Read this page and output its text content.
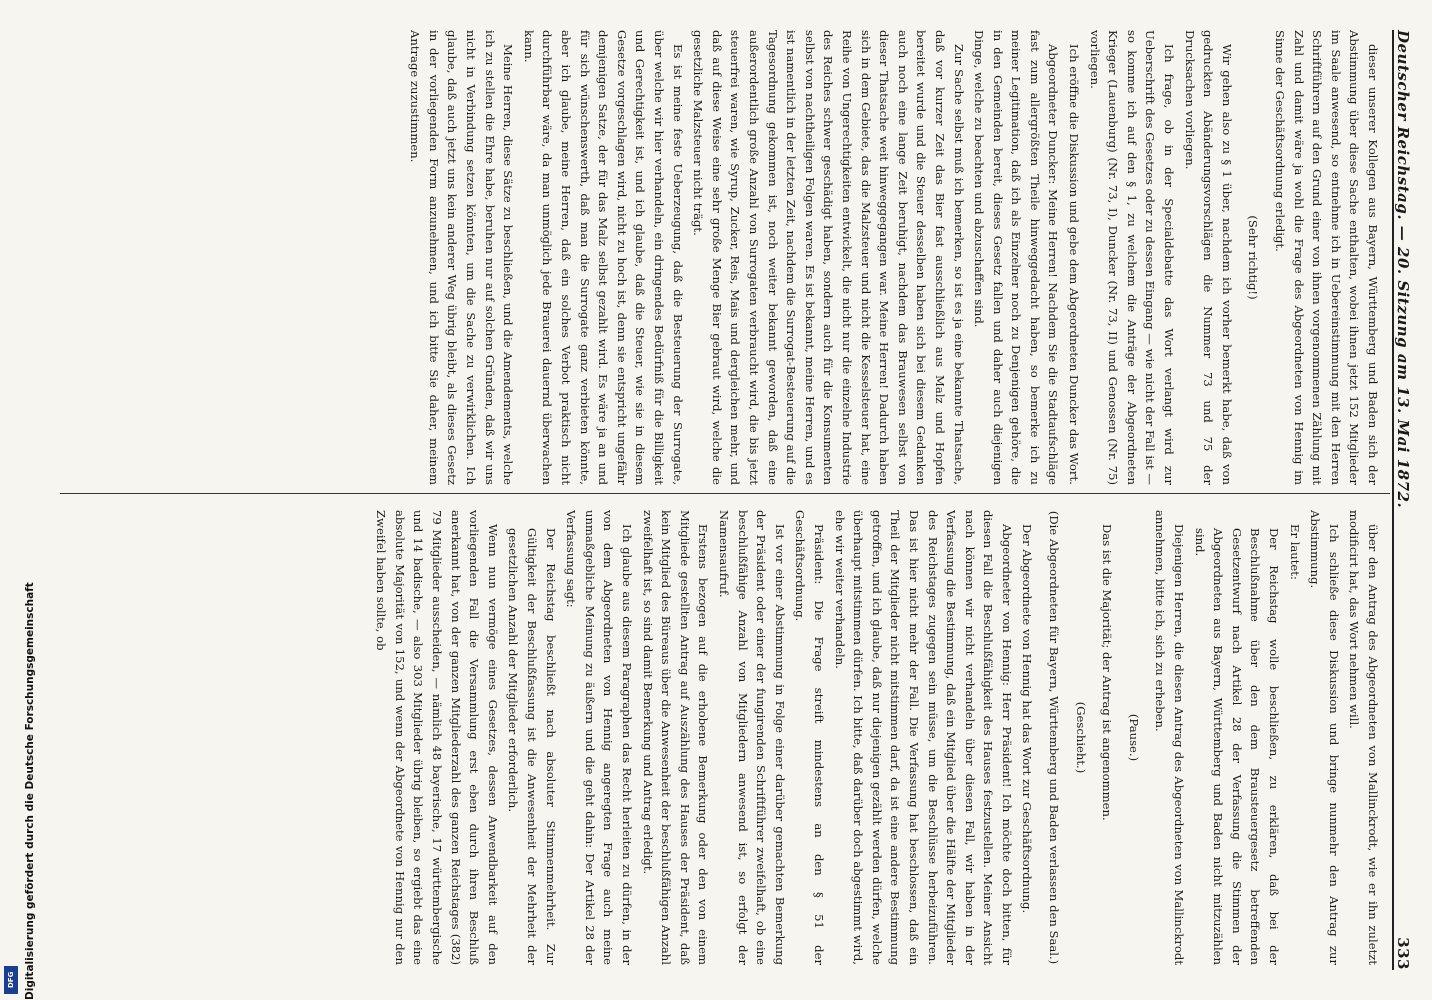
Deutscher Reichstag. — 20. Sitzung am 13. Mai 1872.
333

dieser unserer Kollegen aus Bayern, Württemberg und Baden sich der Abstimmung über diese Sache enthalten, wobei ihnen jetzt 152 Mitglieder im Saale anwesend, so entnehme ich in Uebereinstimmung mit den Herren Schriftführern auf den Grund einer von ihnen vorgenommenen Zählung mit Zahl und damit wäre ja wohl die Frage des Abgeordneten von Hennig im Sinne der Geschäftsordnung erledigt.

(Sehr richtig!)

Wir gehen also zu § 1 über, nachdem ich vorher bemerkt habe, daß von gedruckten Abänderungsvorschlägen die Nummer 73 und 75 der Drucksachen vorliegen.

Ich frage, ob in der Specialdebatte das Wort verlangt wird zur Ueberschrift des Gesetzes oder zu dessen Eingang — wie nicht der Fall ist — so komme ich auf den § 1, zu welchem die Anträge der Abgeordneten Krieger (Lauenburg) (Nr. 73, I), Duncker (Nr. 73, II) und Genossen (Nr. 75) vorliegen.

Ich eröffne die Diskussion und gebe dem Abgeordneten Duncker das Wort.

Abgeordneter Duncker: Meine Herren! Nachdem Sie die Stadtaufschläge fast zum allergrößten Theile hinweggedacht haben, so bemerke ich zu meiner Legitimation, daß ich als Einzelner noch zu Denjenigen gehöre, die in den Gemeinden bereit, dieses Gesetz fallen und daher auch diejenigen Dinge, welche zu beachten und abzuschaffen sind.

Zur Sache selbst muß ich bemerken, so ist es ja eine bekannte Thatsache, daß vor kurzer Zeit das Bier fast ausschließlich aus Malz und Hopfen bereitet wurde und die Steuer desselben haben sich bei diesem Gedanken auch noch eine lange Zeit beruhigt, nachdem das Brauwesen selbst von dieser Thatsache weit hinweggegangen war. Meine Herren! Dadurch haben sich in dem Gebiete, das die Malzsteuer und nicht die Kesselsteuer hat, eine Reihe von Ungerechtigkeiten entwickelt, die nicht nur die einzelne Industrie des Reiches schwer geschädigt haben, sondern auch für die Konsumenten selbst von nachtheiligen Folgen waren. Es ist bekannt, meine Herren, und es ist namentlich in der letzten Zeit, nachdem die Surrogat-Besteuerung auf die Tagesordnung gekommen ist, noch weiter bekannt geworden, daß eine außerordentlich große Anzahl von Surrogaten verbraucht wird, die bis jetzt steuerfrei waren, wie Syrup, Zucker, Reis, Mais und dergleichen mehr, und daß auf diese Weise eine sehr große Menge Bier gebraut wird, welche die gesetzliche Malzsteuer nicht trägt.

Es ist meine feste Ueberzeugung, daß die Besteuerung der Surrogate, über welche wir hier verhandeln, ein dringendes Bedürfniß für die Billigkeit und Gerechtigkeit ist, und ich glaube, daß die Steuer, wie sie in diesem Gesetze vorgeschlagen wird, nicht zu hoch ist, denn sie entspricht ungefähr demjenigen Satze, der für das Malz selbst gezahlt wird. Es wäre ja an und für sich wünschenswerth, daß man die Surrogate ganz verbieten könnte, aber ich glaube, meine Herren, daß ein solches Verbot praktisch nicht durchführbar wäre, da man unmöglich jede Brauerei dauernd überwachen kann.

Meine Herren, diese Sätze zu beschließen, und die Amendements, welche ich zu stellen die Ehre habe, beruhen nur auf solchen Gründen, daß wir uns nicht in Verbindung setzen könnten, um die Sache zu verwirklichen. Ich glaube, daß auch jetzt uns kein anderer Weg übrig bleibt, als dieses Gesetz in der vorliegenden Form anzunehmen, und ich bitte Sie daher, meinem Antrage zuzustimmen.

über den Antrag des Abgeordneten von Mallinckrodt, wie er ihn zuletzt modificirt hat, das Wort nehmen will.

Ich schließe diese Diskussion und bringe nunmehr den Antrag zur Abstimmung.

Er lautet:

Der Reichstag wolle beschließen, zu erklären, daß bei der Beschlußnahme über den dem Brausteuergesetz betreffenden Gesetzentwurf nach Artikel 28 der Verfassung die Stimmen der Abgeordneten aus Bayern, Württemberg und Baden nicht mitzuzählen sind.

Diejenigen Herren, die diesen Antrag des Abgeordneten von Mallinckrodt annehmen, bitte ich, sich zu erheben.

(Pause.)

Das ist die Majorität; der Antrag ist angenommen.

(Geschieht.)

(Die Abgeordneten für Bayern, Württemberg und Baden verlassen den Saal.)

Der Abgeordnete von Hennig hat das Wort zur Geschäftsordnung.

Abgeordneter von Hennig: Herr Präsident! Ich möchte doch bitten, für diesen Fall die Beschlußfähigkeit des Hauses festzustellen. Meiner Ansicht nach können wir nicht verhandeln über diesen Fall, wir haben in der Verfassung die Bestimmung, daß ein Mitglied über die Hälfte der Mitglieder des Reichstages zugegen sein müsse, um die Beschlüsse herbeizuführen. Das ist hier nicht mehr der Fall. Die Verfassung hat beschlossen, daß ein Theil der Mitglieder nicht mitstimmen darf, da ist eine andere Bestimmung getroffen, und ich glaube, daß nur diejenigen gezählt werden dürfen, welche überhaupt mitstimmen dürfen. Ich bitte, daß darüber doch abgestimmt wird, ehe wir weiter verhandeln.

Präsident: Die Frage streift mindestens an den § 51 der Geschäftsordnung.

Ist vor einer Abstimmung in Folge einer darüber gemachten Bemerkung der Präsident oder einer der fungirenden Schriftführer zweifelhaft, ob eine beschlußfähige Anzahl von Mitgliedern anwesend ist, so erfolgt der Namensaufruf.

Erstens bezogen auf die erhobene Bemerkung oder den von einem Mitgliede gestellten Antrag auf Auszählung des Hauses der Präsident, daß kein Mitglied des Büreaus über die Anwesenheit der beschlußfähigen Anzahl zweifelhaft ist, so sind damit Bemerkung und Antrag erledigt.

Ich glaube aus diesem Paragraphen das Recht herleiten zu dürfen, in der von dem Abgeordneten von Hennig angeregten Frage auch meine unmaßgebliche Meinung zu äußern und die geht dahin: Der Artikel 28 der Verfassung sagt:

Der Reichstag beschließt nach absoluter Stimmenmehrheit. Zur Gültigkeit der Beschlußfassung ist die Anwesenheit der Mehrheit der gesetzlichen Anzahl der Mitglieder erforderlich.

Wenn nun vermöge eines Gesetzes, dessen Anwendbarkeit auf den vorliegenden Fall die Versammlung erst eben durch ihren Beschluß anerkannt hat, von der ganzen Mitgliederzahl des ganzen Reichstages (382) 79 Mitglieder ausscheiden, — nämlich 48 bayerische, 17 württembergische und 14 badische, — also 303 Mitglieder übrig bleiben, so ergiebt das eine absolute Majorität von 152, und wenn der Abgeordnete von Hennig nur den Zweifel haben sollte, ob

Digitalisierung gefördert durch die Deutsche Forschungsgemeinschaft
DFG
